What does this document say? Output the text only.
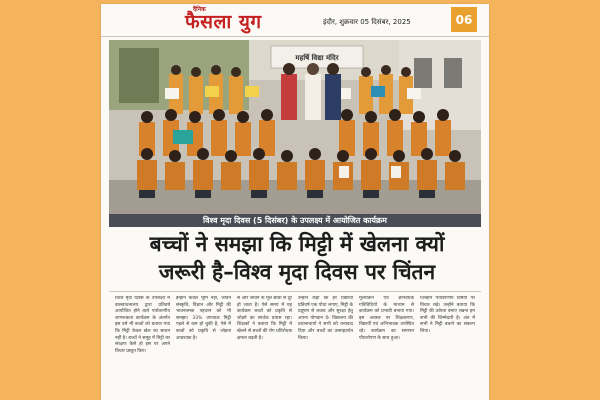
दैनिक
फैसला युग	इंदौर, शुक्रवार 05 दिसंबर, 2025	06
महर्षि विद्या मंदिर
विश्व मृदा दिवस (5 दिसंबर) के उपलक्ष्य में आयोजित कार्यक्रम
बच्चों ने समझा कि मिट्टी में खेलना क्यों
जरूरी है–विश्व मृदा दिवस पर चिंतन
विश्व मृदा दिवस के उपलक्ष्य में बालवाचनालय द्वारा प्रतिवर्ष आयोजित होने वाले पर्यावरणीय जागरूकता कार्यक्रम के अंतर्गत इस वर्ष भी बच्चों को बताया गया कि मिट्टी केवल खेल का साधन नहीं है। बच्चों ने समूह में मिट्टी का संरक्षण कैसे हो इस पर अपने विचार प्रस्तुत किए।
इन्होंने केवल भूमि नहीं, जीवन संस्कृति, विज्ञान और मिट्टी की भावनात्मक पहचान को भी समझा। 33% उपजाऊ मिट्टी पहले से कम हो चुकी है, ऐसे में बच्चों को प्रकृति से जोड़ना आवश्यक है।
से और जीवन के मूल स्रोतों से दूर हो जाता है। ऐसे समय में यह कार्यक्रम बच्चों को प्रकृति से जोड़ने का सार्थक प्रयास रहा। शिक्षकों ने बताया कि मिट्टी में खेलने से बच्चों की रोग प्रतिरोधक क्षमता बढ़ती है।
उन्होंने कहा कि हर विद्यार्थी प्रतिवर्ष एक पौधा लगाए, मिट्टी के प्रदूषण से बचाव और सुरक्षा हेतु अपना योगदान दे। विद्यालय की प्रधानाचार्या ने सभी को धन्यवाद दिया और बच्चों का उत्साहवर्धन किया।
मूल्यांकन एवं ज्ञानवर्धक गतिविधियों के माध्यम से कार्यक्रम को प्रभावी बनाया गया। इस अवसर पर शिक्षकगण, विद्यार्थी एवं अभिभावक उपस्थित रहे। कार्यक्रम का समापन पौधारोपण के साथ हुआ।
जिन्होंने पर्यावरणीय विषयों पर विचार रखे। उन्होंने बताया कि मिट्टी की उर्वरता बनाए रखना हम सभी की जिम्मेदारी है। अंत में सभी ने मिट्टी बचाने का संकल्प लिया।
